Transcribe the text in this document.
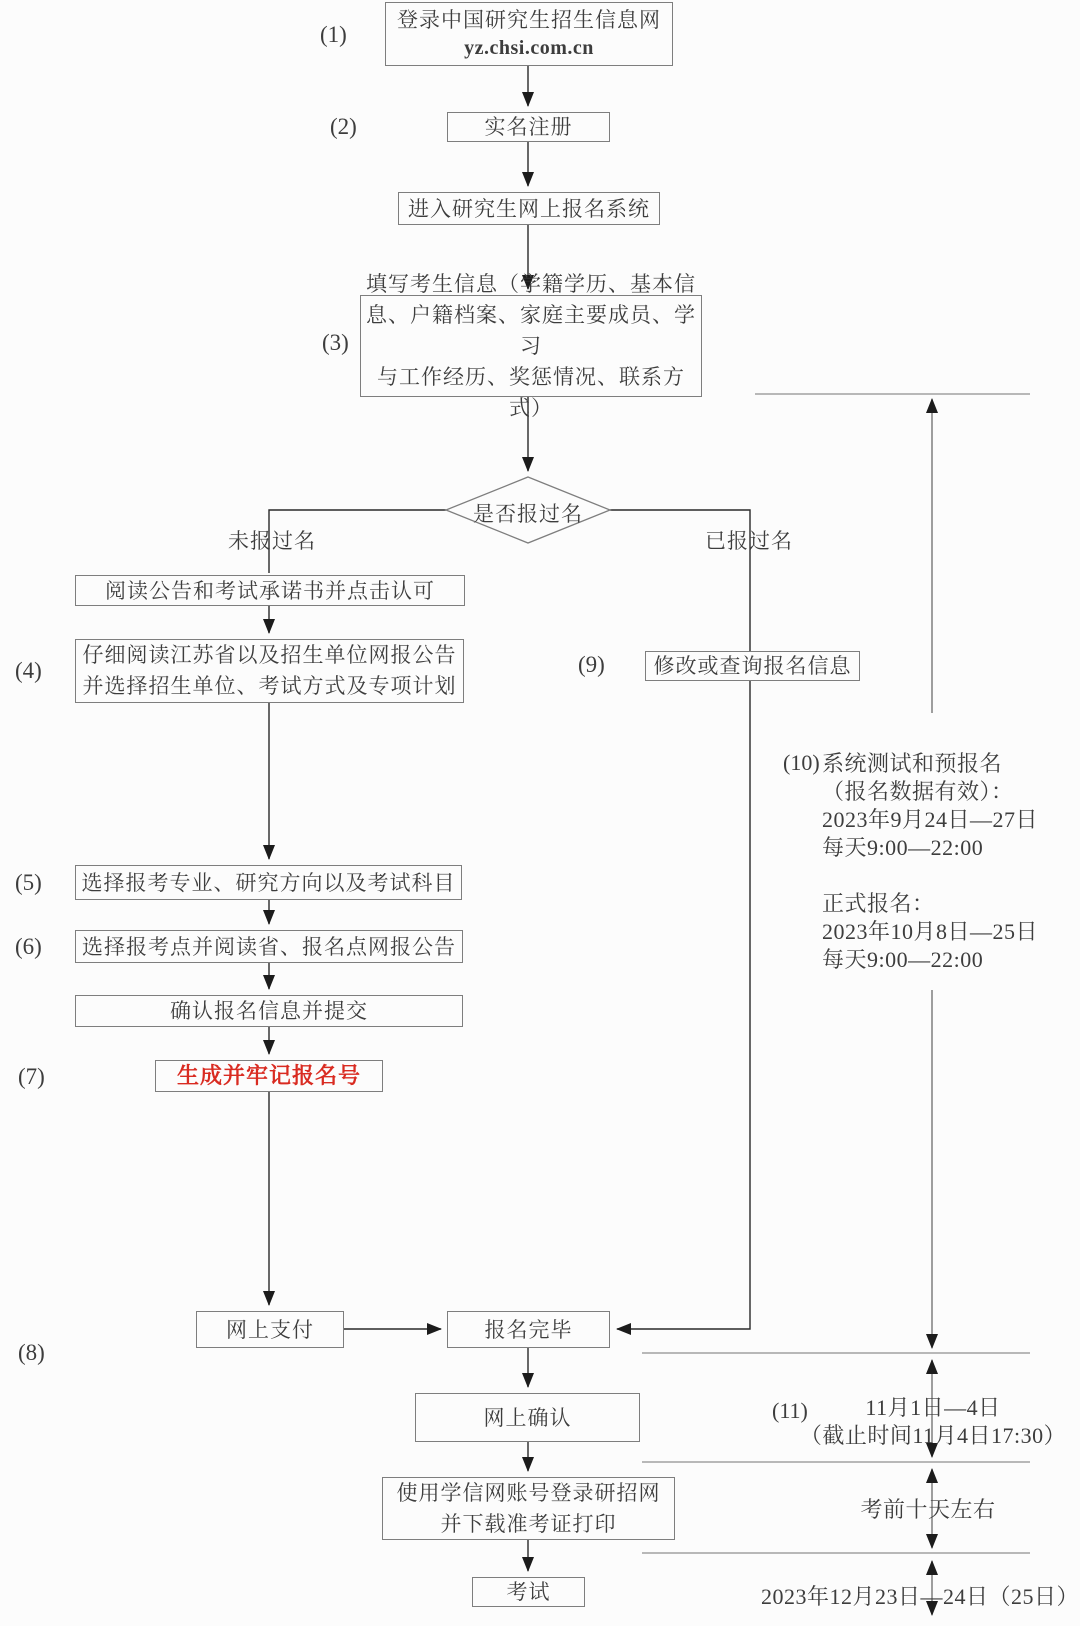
(1)
(2)
(3)
(4)
(5)
(6)
(7)
(8)
(9)
登录中国研究生招生信息网
yz.chsi.com.cn
实名注册
进入研究生网上报名系统
填写考生信息（学籍学历、基本信
息、户籍档案、家庭主要成员、学习
与工作经历、奖惩情况、联系方式）
是否报过名
未报过名	已报过名
阅读公告和考试承诺书并点击认可
仔细阅读江苏省以及招生单位网报公告
并选择招生单位、考试方式及专项计划
选择报考专业、研究方向以及考试科目
选择报考点并阅读省、报名点网报公告
确认报名信息并提交
生成并牢记报名号
网上支付	报名完毕
修改或查询报名信息
网上确认
使用学信网账号登录研招网
并下载准考证打印
考试
(10) 系统测试和预报名
（报名数据有效）：
2023年9月24日—27日
每天9:00—22:00
正式报名：
2023年10月8日—25日
每天9:00—22:00
(11)	11月1日—4日
（截止时间11月4日17:30）
考前十天左右
2023年12月23日—24日（25日）
